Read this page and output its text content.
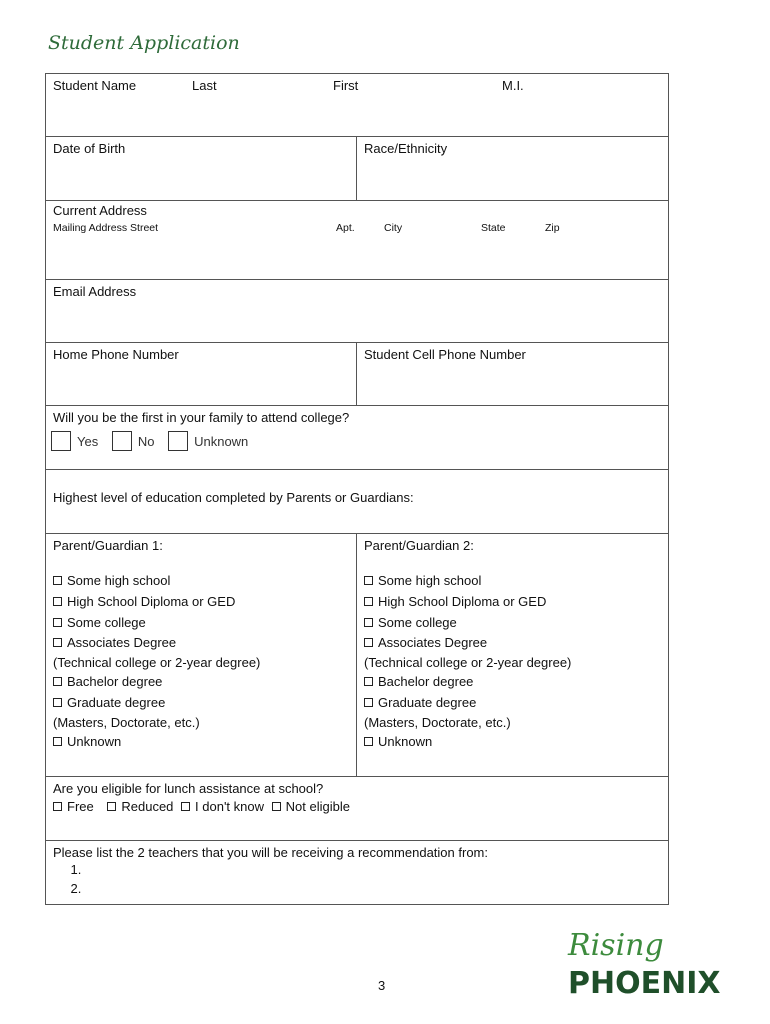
Student Application
Student Name	Last	First	M.I.
Date of Birth	Race/Ethnicity
Current Address
Mailing Address Street	Apt.	City	State	Zip
Email Address
Home Phone Number	Student Cell Phone Number
Will you be the first in your family to attend college?
Yes	No	Unknown
Highest level of education completed by Parents or Guardians:
Parent/Guardian 1:
Some high school
High School Diploma or GED
Some college
Associates Degree
(Technical college or 2-year degree)
Bachelor degree
Graduate degree
(Masters, Doctorate, etc.)
Unknown
Parent/Guardian 2:
Some high school
High School Diploma or GED
Some college
Associates Degree
(Technical college or 2-year degree)
Bachelor degree
Graduate degree
(Masters, Doctorate, etc.)
Unknown
Are you eligible for lunch assistance at school?
Free Reduced I don't know Not eligible
Please list the 2 teachers that you will be receiving a recommendation from:
1.
2.
3
Rising
PHOENIX
